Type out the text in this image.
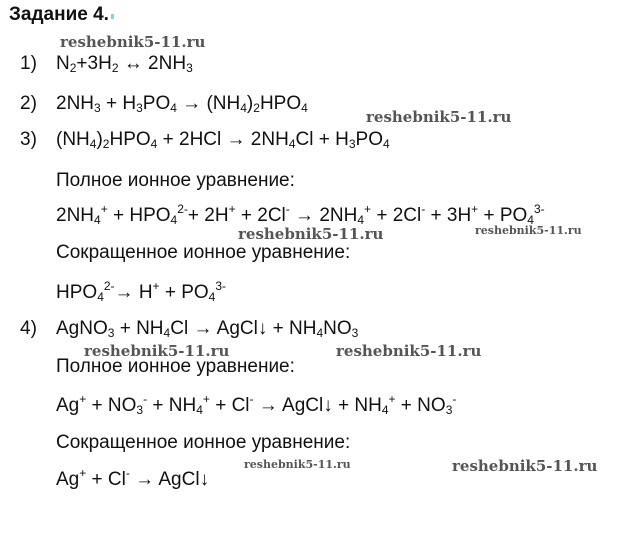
Задание 4.
1) $N_2+3H_2$ ↔ $2NH_3$
2) $2NH_3 + H_3PO_4 \to (NH_4)_2HPO_4$
3) $(NH_4)_2HPO_4 + 2HCl \to 2NH_4Cl + H_3PO_4$
Полное ионное уравнение:
$2NH_4^+ + HPO_4^{2-}+ 2H^+ + 2Cl^- \to 2NH_4^+ + 2Cl^- + 3H^+ + PO_4^{3-}$
Сокращенное ионное уравнение:
$HPO_4^{2-}\to H^+ + PO_4^{3-}$
4) AgNO$_3$ + $NH_4Cl$ → AgCl↓ + $NH_4NO_3$
Полное ионное уравнение:
$Ag^+ + NO_3^- + NH_4^+ + Cl^-$ → AgCl↓ + $NH_4^+ + NO_3^-$
Сокращенное ионное уравнение:
Ag+ + Cl- → AgCl↓
reshebnik5-11.ru
reshebnik5-11.ru
reshebnik5-11.ru	reshebnik5-11.ru
reshebnik5-11.ru	reshebnik5-11.ru
reshebnik5-11.ru	reshebnik5-11.ru
